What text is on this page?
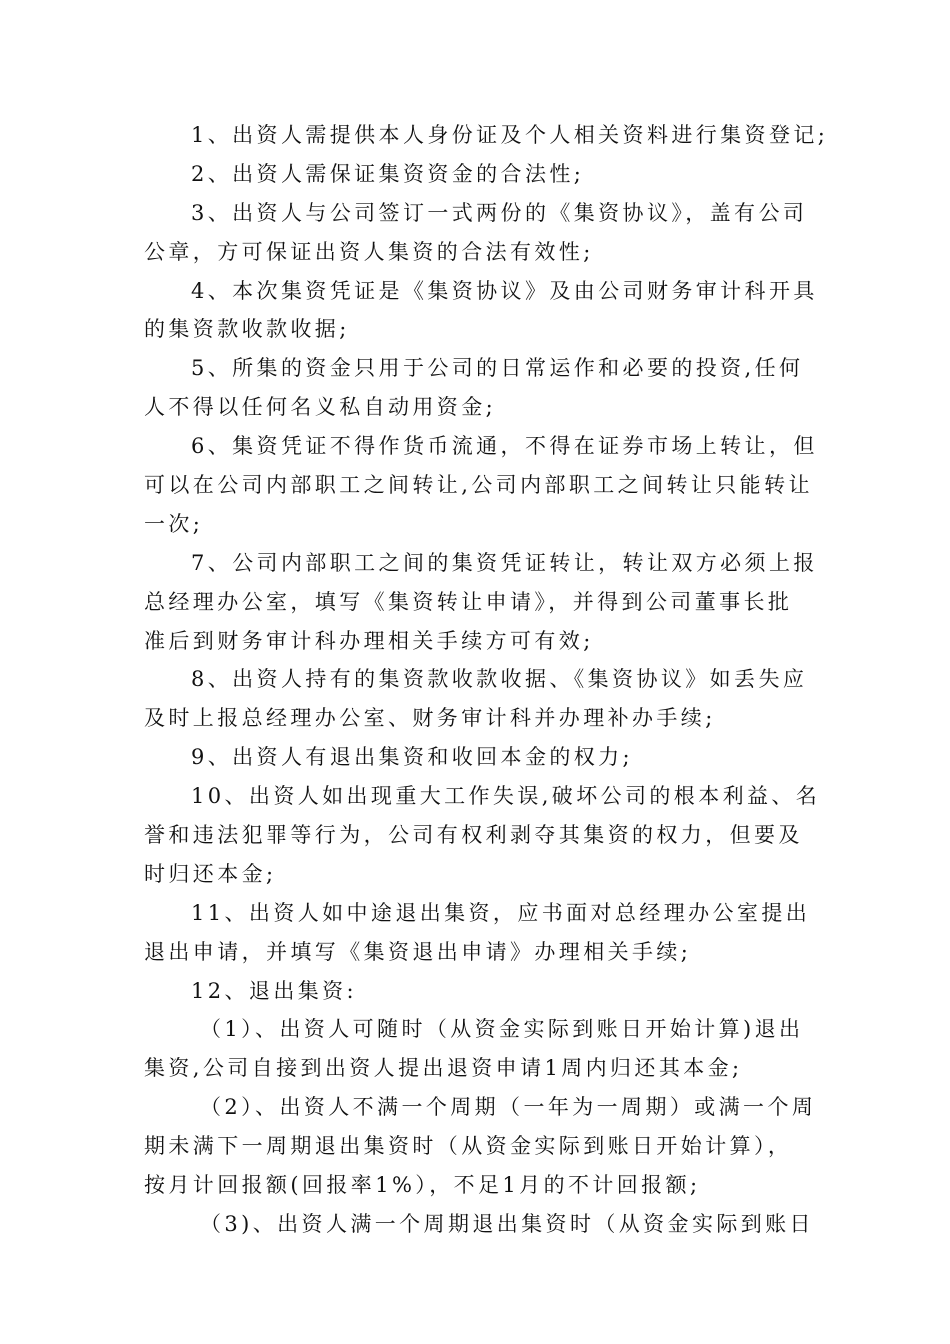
1、出资人需提供本人身份证及个人相关资料进行集资登记;
2、出资人需保证集资资金的合法性;
3、出资人与公司签订一式两份的《集资协议》，盖有公司
公章，方可保证出资人集资的合法有效性;
4、本次集资凭证是《集资协议》及由公司财务审计科开具
的集资款收款收据;
5、所集的资金只用于公司的日常运作和必要的投资,任何
人不得以任何名义私自动用资金;
6、集资凭证不得作货币流通，不得在证券市场上转让，但
可以在公司内部职工之间转让,公司内部职工之间转让只能转让
一次;
7、公司内部职工之间的集资凭证转让，转让双方必须上报
总经理办公室，填写《集资转让申请》，并得到公司董事长批
准后到财务审计科办理相关手续方可有效;
8、出资人持有的集资款收款收据、《集资协议》如丢失应
及时上报总经理办公室、财务审计科并办理补办手续;
9、出资人有退出集资和收回本金的权力;
10、出资人如出现重大工作失误,破坏公司的根本利益、名
誉和违法犯罪等行为，公司有权利剥夺其集资的权力，但要及
时归还本金;
11、出资人如中途退出集资，应书面对总经理办公室提出
退出申请，并填写《集资退出申请》办理相关手续;
12、退出集资:
（1）、出资人可随时（从资金实际到账日开始计算)退出
集资,公司自接到出资人提出退资申请1周内归还其本金;
（2）、出资人不满一个周期（一年为一周期）或满一个周
期未满下一周期退出集资时（从资金实际到账日开始计算），
按月计回报额(回报率1%），不足1月的不计回报额;
（3)、出资人满一个周期退出集资时（从资金实际到账日
